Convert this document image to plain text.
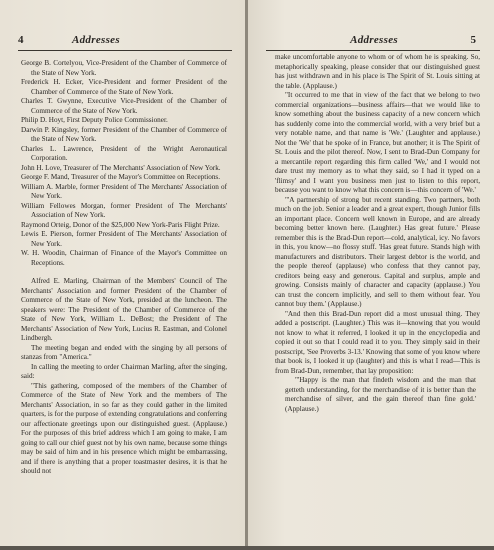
4	Addresses

George B. Cortelyou, Vice-President of the Chamber of Commerce of the State of New York.

Frederick H. Ecker, Vice-President and former President of the Chamber of Commerce of the State of New York.

Charles T. Gwynne, Executive Vice-President of the Chamber of Commerce of the State of New York.

Philip D. Hoyt, First Deputy Police Commissioner.

Darwin P. Kingsley, former President of the Chamber of Commerce of the State of New York.

Charles L. Lawrence, President of the Wright Aeronautical Corporation.

John H. Love, Treasurer of The Merchants' Association of New York.

George F. Mand, Treasurer of the Mayor's Committee on Receptions.

William A. Marble, former President of The Merchants' Association of New York.

William Fellowes Morgan, former President of The Merchants' Association of New York.

Raymond Orteig, Donor of the $25,000 New York-Paris Flight Prize.

Lewis E. Pierson, former President of The Merchants' Association of New York.

W. H. Woodin, Chairman of Finance of the Mayor's Committee on Receptions.

Alfred E. Marling, Chairman of the Members' Council of The Merchants' Association and former President of the Chamber of Commerce of the State of New York, presided at the luncheon. The speakers were: The President of the Chamber of Commerce of the State of New York, William L. DeBost; the President of The Merchants' Association of New York, Lucius R. Eastman, and Colonel Lindbergh.

The meeting began and ended with the singing by all persons of stanzas from "America."

In calling the meeting to order Chairman Marling, after the singing, said:

"This gathering, composed of the members of the Chamber of Commerce of the State of New York and the members of The Merchants' Association, in so far as they could gather in the limited quarters, is for the purpose of extending congratulations and conferring our affectionate greetings upon our distinguished guest. (Applause.) For the purposes of this brief address which I am going to make, I am going to call our chief guest not by his own name, because some things may be said of him and in his presence which might be embarrassing, and if there is anything that a proper toastmaster desires, it is that he should not

Addresses	5

make uncomfortable anyone to whom or of whom he is speaking. So, metaphorically speaking, please consider that our distinguished guest has just withdrawn and in his place is The Spirit of St. Louis sitting at the table. (Applause.)

"It occurred to me that in view of the fact that we belong to two commercial organizations—business affairs—that we would like to know something about the business capacity of a new concern which has suddenly come into the commercial world, with a very brief but a very notable name, and that name is 'We.' (Laughter and applause.) Not the 'We' that he spoke of in France, but another; it is The Spirit of St. Louis and the pilot thereof. Now, I sent to Brad-Dun Company for a mercantile report regarding this firm called 'We,' and I would not dare trust my memory as to what they said, so I had it typed on a 'flimsy' and I want you business men just to listen to this report, because you want to know what this concern is—this concern of 'We.'

"'A partnership of strong but recent standing. Two partners, both much on the job. Senior a leader and a great expert, though Junior fills an important place. Concern well known in Europe, and are already becoming better known here. (Laughter.) Has great future.' Please remember this is the Brad-Dun report—cold, analytical, icy. No favors in this, you know—no flossy stuff. 'Has great future. Stands high with manufacturers and distributors. Their largest debtor is the world, and the people thereof (applause) who confess that they cannot pay, creditors being easy and generous. Capital and surplus, ample and growing. Consists mainly of character and capacity (applause.) You can trust the concern implicitly, and sell to them without fear. You cannot buy them.' (Applause.)

"And then this Brad-Dun report did a most unusual thing. They added a postscript. (Laughter.) This was it—knowing that you would not know to what it referred, I looked it up in the encyclopedia and copied it out so that I could read it to you. They simply said in their postscript, 'See Proverbs 3-13.' Knowing that some of you know where that book is, I looked it up (laughter) and this is what I read—This is from Brad-Dun, remember, that lay proposition:

"'Happy is the man that findeth wisdom and the man that getteth understanding, for the merchandise of it is better than the merchandise of silver, and the gain thereof than fine gold.' (Applause.)
